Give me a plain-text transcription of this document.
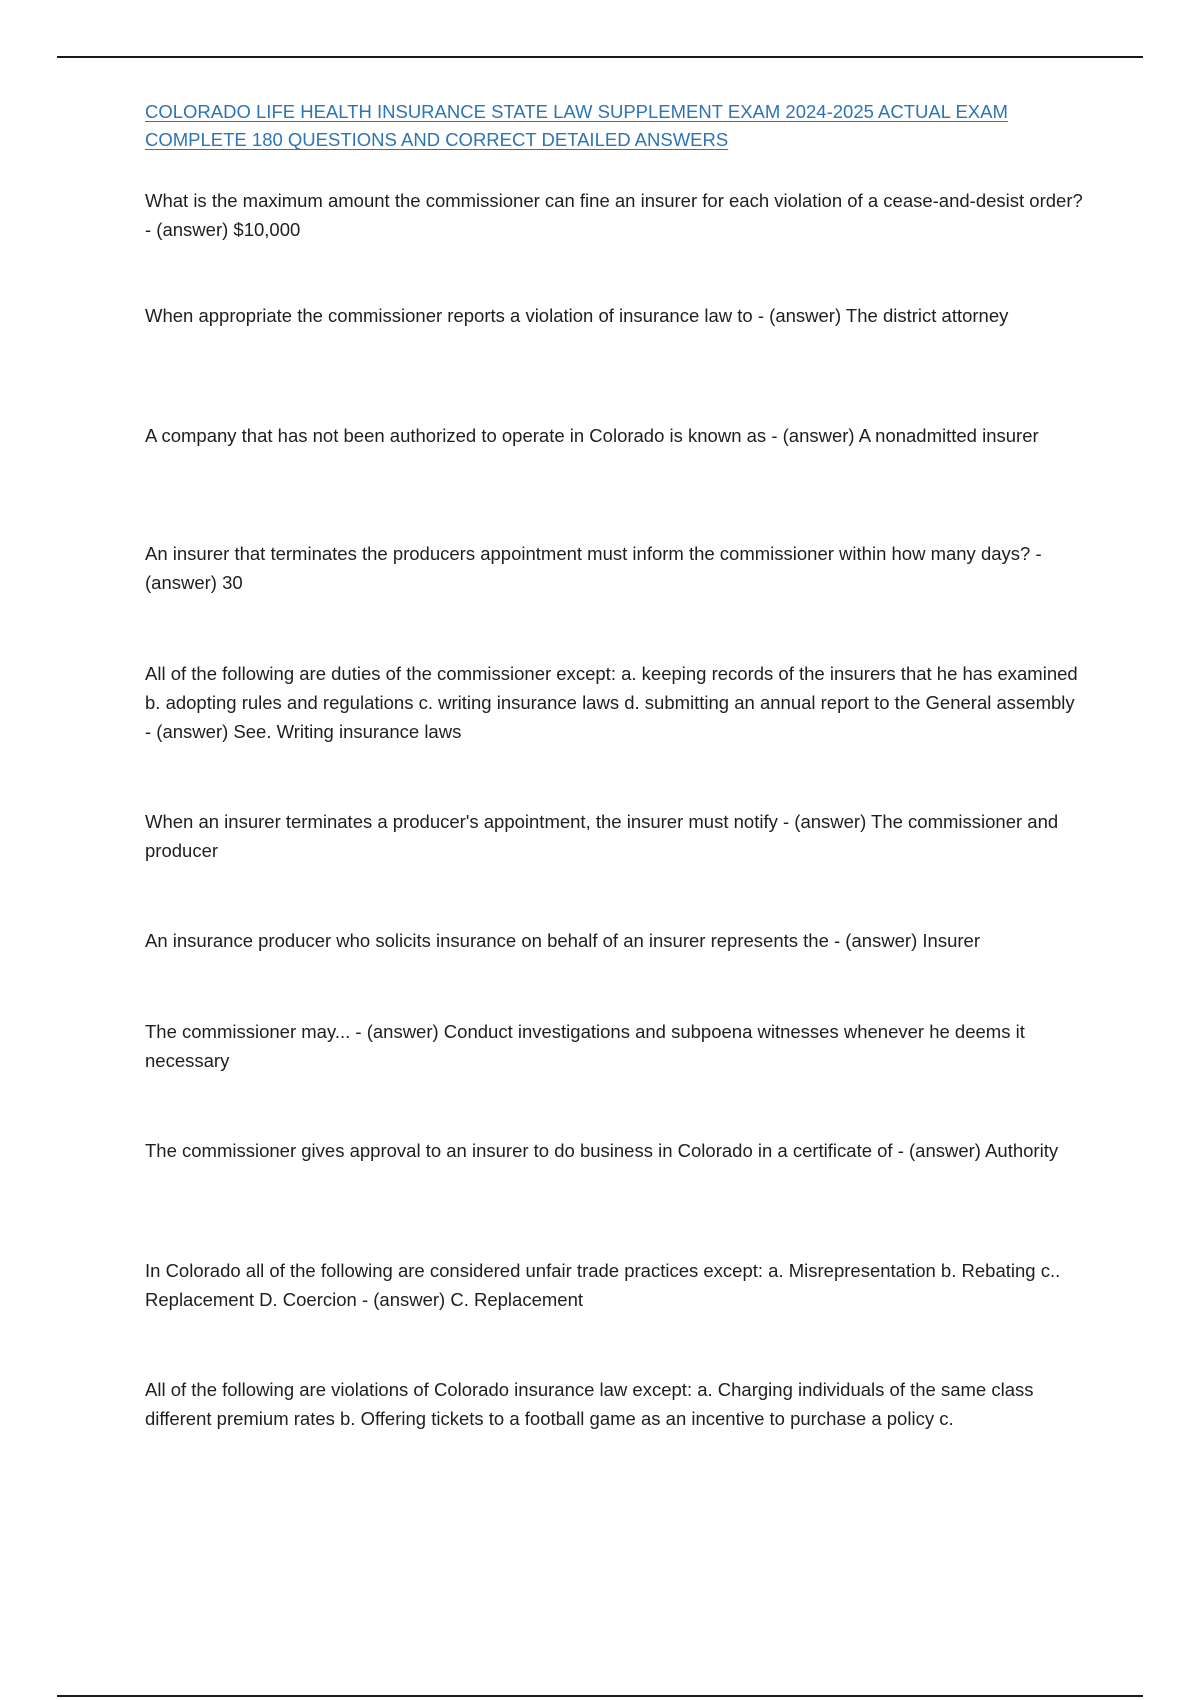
COLORADO LIFE HEALTH INSURANCE STATE LAW SUPPLEMENT EXAM 2024-2025 ACTUAL EXAM COMPLETE 180 QUESTIONS AND CORRECT DETAILED ANSWERS

What is the maximum amount the commissioner can fine an insurer for each violation of a cease-and-desist order? - (answer) $10,000

When appropriate the commissioner reports a violation of insurance law to - (answer) The district attorney

A company that has not been authorized to operate in Colorado is known as - (answer) A nonadmitted insurer

An insurer that terminates the producers appointment must inform the commissioner within how many days? - (answer) 30

All of the following are duties of the commissioner except: a. keeping records of the insurers that he has examined b. adopting rules and regulations c. writing insurance laws d. submitting an annual report to the General assembly - (answer) See. Writing insurance laws

When an insurer terminates a producer's appointment, the insurer must notify - (answer) The commissioner and producer

An insurance producer who solicits insurance on behalf of an insurer represents the - (answer) Insurer

The commissioner may... - (answer) Conduct investigations and subpoena witnesses whenever he deems it necessary

The commissioner gives approval to an insurer to do business in Colorado in a certificate of - (answer) Authority

In Colorado all of the following are considered unfair trade practices except: a. Misrepresentation b. Rebating c.. Replacement D. Coercion - (answer) C. Replacement

All of the following are violations of Colorado insurance law except: a. Charging individuals of the same class different premium rates b. Offering tickets to a football game as an incentive to purchase a policy c.
